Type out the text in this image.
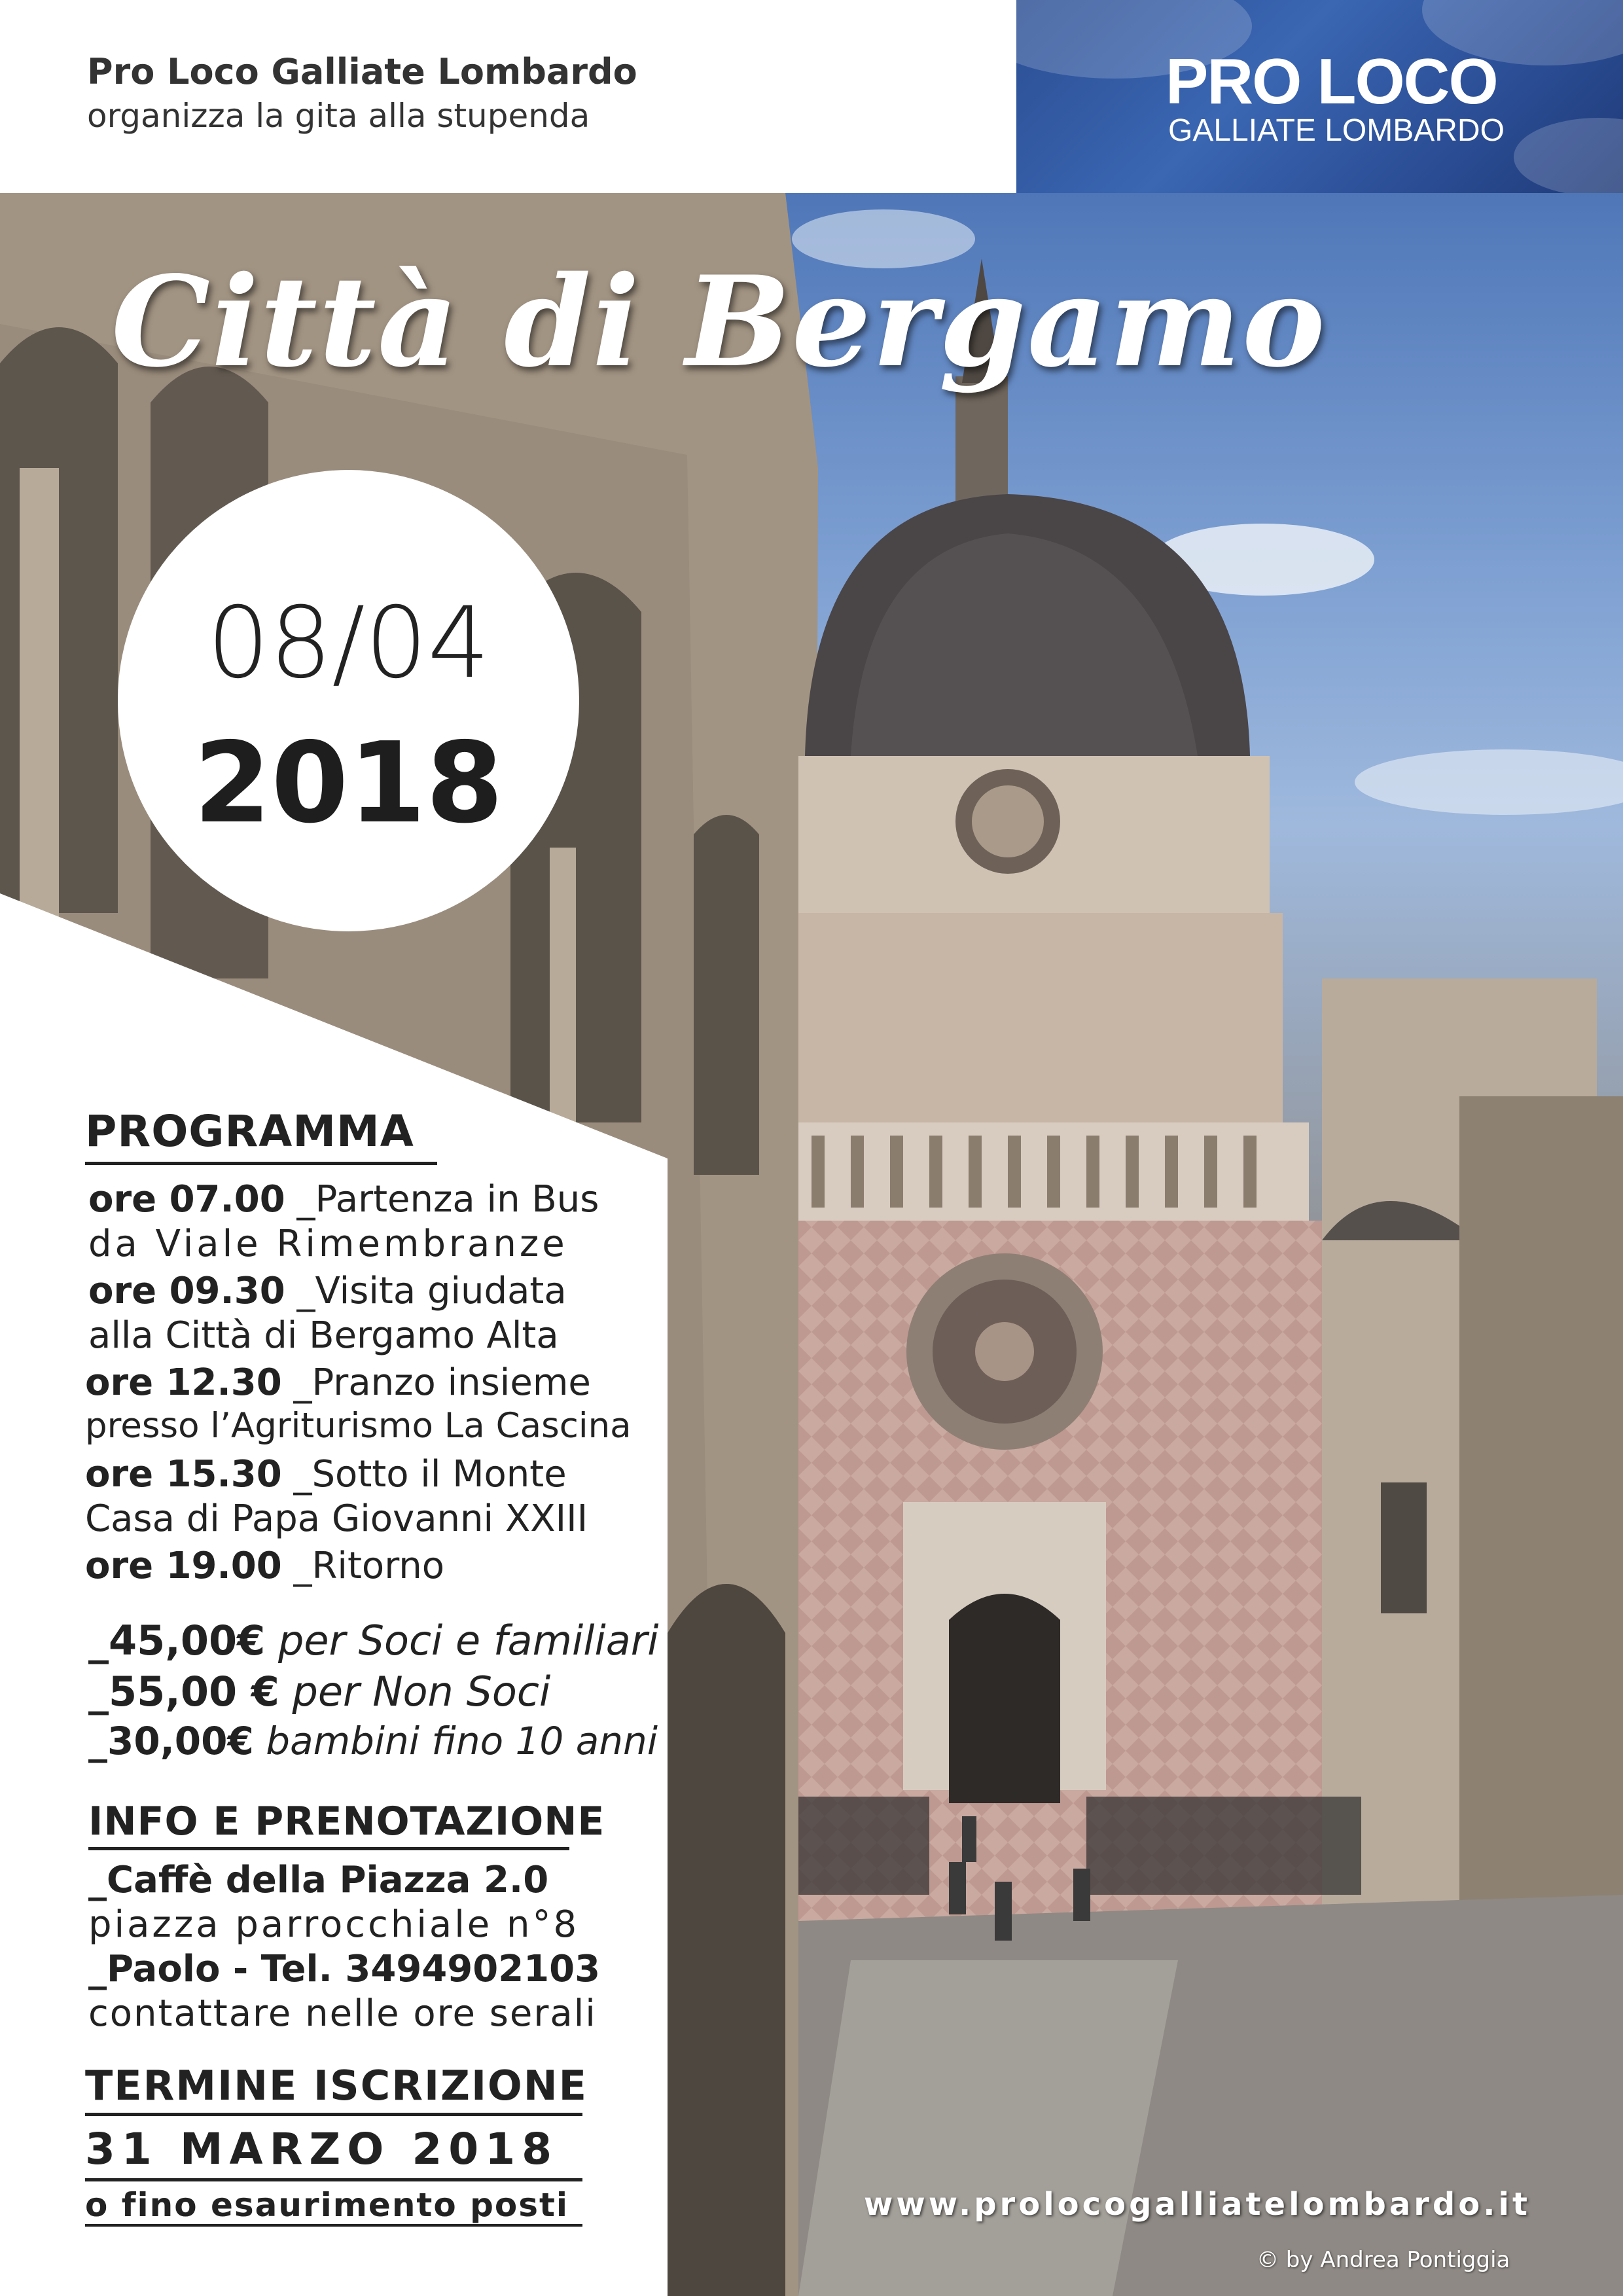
Pro Loco Galliate Lombardo
organizza la gita alla stupenda	PRO LOCO
GALLIATE LOMBARDO
Città di Bergamo
08/04
2018
PROGRAMMA
ore 07.00 _Partenza in Bus
da Viale Rimembranze
ore 09.30 _Visita giudata
alla Città di Bergamo Alta
ore 12.30 _Pranzo insieme
presso l’Agriturismo La Cascina
ore 15.30 _Sotto il Monte
Casa di Papa Giovanni XXIII
ore 19.00 _Ritorno
_45,00€ per Soci e familiari
_55,00 € per Non Soci
_30,00€ bambini fino 10 anni
INFO E PRENOTAZIONE
_Caffè della Piazza 2.0
piazza parrocchiale n°8
_Paolo - Tel. 3494902103
contattare nelle ore serali
TERMINE ISCRIZIONE
31 MARZO 2018
o fino esaurimento posti	www.prolocogalliatelombardo.it
© by Andrea Pontiggia
